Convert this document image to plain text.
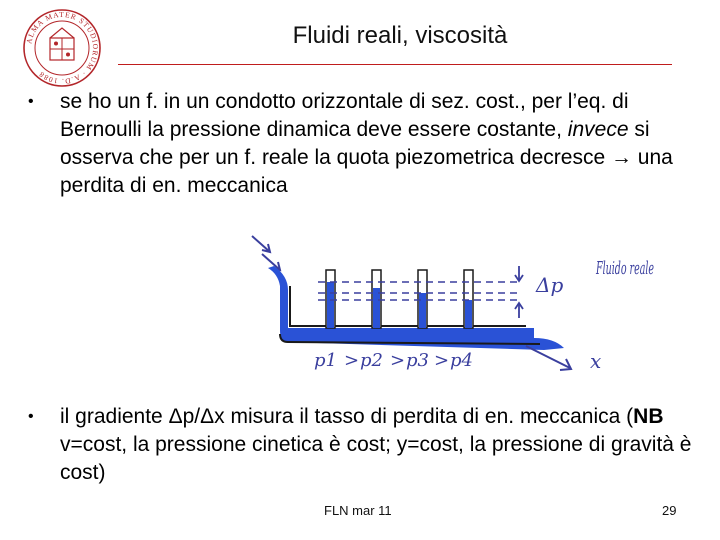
ALMA MATER STUDIORUM · A.D. 1088
Fluidi reali, viscosità
• se ho un f. in un condotto orizzontale di sez. cost., per l’eq. di Bernoulli la pressione dinamica deve essere costante, invece si osserva che per un f. reale la quota piezometrica decresce → una perdita di en. meccanica
Δp
Fluido reale
p1 > p2 > p3 > p4	x
• il gradiente Δp/Δx misura il tasso di perdita di en. meccanica (NB v=cost, la pressione cinetica è cost; y=cost, la pressione di gravità è cost)
FLN mar 11	29
